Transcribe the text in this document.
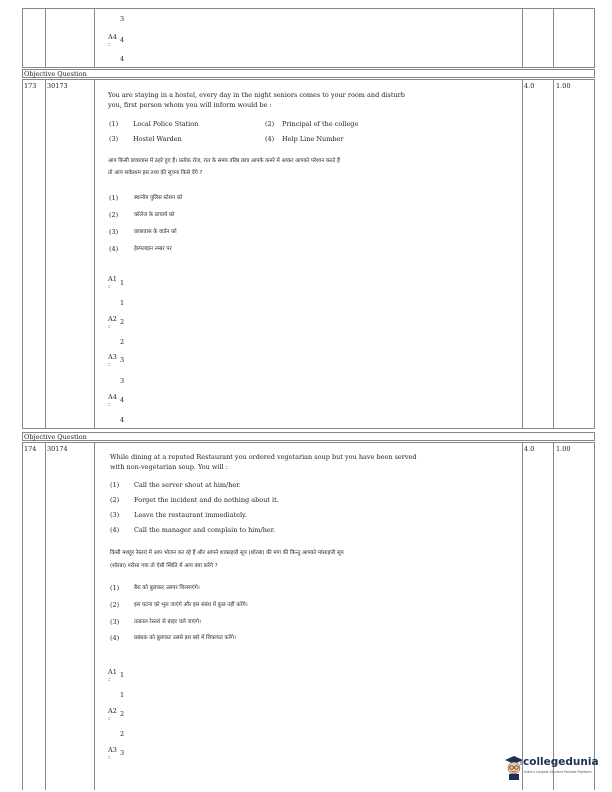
3
A4
: 4
4
Objective Question
173 30173	4.0	1.00
You are staying in a hostel, every day in the night seniors comes to your room and disturb
you, first person whom you will inform would be :
(1) Local Police Station	(2) Principal of the college
(3) Hostel Warden	(4) Help Line Number
आप किसी छात्रावास में ठहरे हुए हैं। प्रत्येक रोज, रात के समय वरिष्ठ छात्र आपके कमरे में आकर आपको परेशान करते हैं
तो आप सर्वप्रथम इस तथ्य की सूचना किसे देंगे ?
(1)	स्थानीय पुलिस स्टेशन को
(2)	कॉलेज के प्राचार्य को
(3)	छात्रावास के वार्डन को
(4)	हेल्पलाइन नम्बर पर
A1
: 1
1
A2
: 2
2
A3
: 3
3
A4
: 4
4
Objective Question
174 30174	4.0	1.00
While dining at a reputed Restaurant you ordered vegetarian soup but you have been served
with non-vegetarian soup. You will :
(1) Call the server shout at him/her.
(2) Forget the incident and do nothing about it.
(3) Leave the restaurant immediately.
(4) Call the manager and complain to him/her.
किसी मशहूर रेस्तरां में आप भोजन कर रहे हैं और आपने शाकाहारी सूप (शोरबा) की मांग की किन्तु आपको मांसाहारी सूप
(शोरबा) परोसा गया तो ऐसी स्थिति में आप क्या करेंगे ?
(1)	बैरा को बुलाकर उसपर चिल्लाएंगे।
(2)	इस घटना को भूल जाएंगे और इस संबंध में कुछ नहीं करेंगे।
(3)	तत्काल रेस्तरां से बाहर चले जाएंगे।
(4)	प्रबंधक को बुलाकर उससे इस बारे में शिकायत करेंगे।
A1
: 1
1
A2
: 2
2
A3
: 3
collegedunia
India's Largest Student Review Platform
